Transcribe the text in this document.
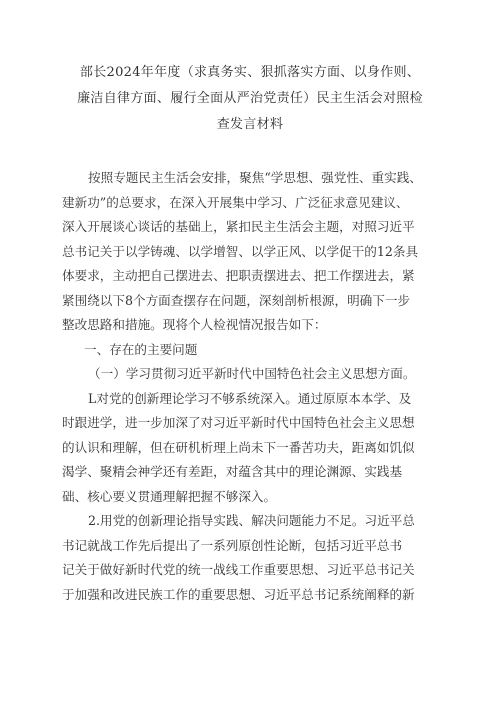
部长2024年年度（求真务实、狠抓落实方面、以身作则、
廉洁自律方面、履行全面从严治党责任）民主生活会对照检
查发言材料
按照专题民主生活会安排，聚焦“学思想、强党性、重实践、
建新功”的总要求，在深入开展集中学习、广泛征求意见建议、
深入开展谈心谈话的基础上，紧扣民主生活会主题，对照习近平
总书记关于以学铸魂、以学增智、以学正风、以学促干的12条具
体要求，主动把自己摆进去、把职责摆进去、把工作摆进去，紧
紧围绕以下8个方面查摆存在问题，深刻剖析根源，明确下一步
整改思路和措施。现将个人检视情况报告如下：
一、存在的主要问题
（一）学习贯彻习近平新时代中国特色社会主义思想方面。
L对党的创新理论学习不够系统深入。通过原原本本学、及
时跟进学，进一步加深了对习近平新时代中国特色社会主义思想
的认识和理解，但在研机析理上尚未下一番苦功夫，距离如饥似
渴学、聚精会神学还有差距，对蕴含其中的理论渊源、实践基
础、核心要义贯通理解把握不够深入。
2.用党的创新理论指导实践、解决问题能力不足。习近平总
书记就战工作先后提出了一系列原创性论断，包括习近平总书
记关于做好新时代党的统一战线工作重要思想、习近平总书记关
于加强和改进民族工作的重要思想、习近平总书记系统阐释的新
